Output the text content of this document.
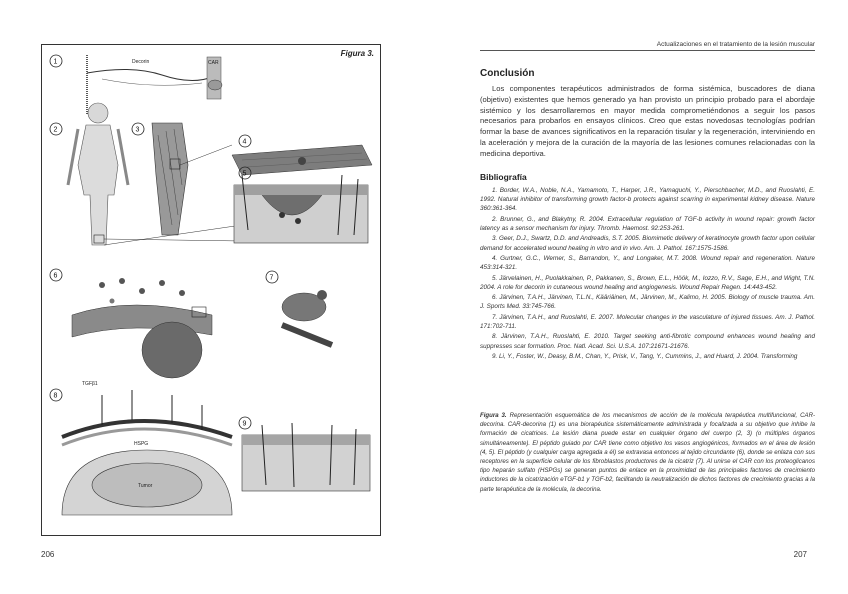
Figura 3.
1	Decorin	CAR
2	3
4
5
6	7
8
TGFβ1
Tumor
HSPG
9
206
Actualizaciones en el tratamiento de la lesión muscular
Conclusión

Los componentes terapéuticos administrados de forma sistémica, buscadores de diana (objetivo) existentes que hemos generado ya han provisto un principio probado para el abordaje sistémico y los desarrollaremos en mayor medida comprometiéndonos a seguir los pasos necesarios para probarlos en ensayos clínicos. Creo que estas novedosas tecnologías podrían formar la base de avances significativos en la reparación tisular y la regeneración, interviniendo en la aceleración y mejora de la curación de la mayoría de las lesiones comunes relacionadas con la medicina deportiva.

Bibliografía

1. Border, W.A., Noble, N.A., Yamamoto, T., Harper, J.R., Yamaguchi, Y., Pierschbacher, M.D., and Ruoslahti, E. 1992. Natural inhibitor of transforming growth factor-b protects against scarring in experimental kidney disease. Nature 360:361-364.

2. Brunner, G., and Blakytny, R. 2004. Extracellular regulation of TGF-b activity in wound repair: growth factor latency as a sensor mechanism for injury. Thromb. Haemost. 92:253-261.

3. Geer, D.J., Swartz, D.D. and Andreadis, S.T. 2005. Biomimetic delivery of keratinocyte growth factor upon cellular demand for accelerated wound healing in vitro and in vivo. Am. J. Pathol. 167:1575-1586.

4. Gurtner, G.C., Werner, S., Barrandon, Y., and Longaker, M.T. 2008. Wound repair and regeneration. Nature 453:314-321.

5. Järvelainen, H., Puolakkainen, P., Pakkanen, S., Brown, E.L., Höök, M., Iozzo, R.V., Sage, E.H., and Wight, T.N. 2004. A role for decorin in cutaneous wound healing and angiogenesis. Wound Repair Regen. 14:443-452.

6. Järvinen, T.A.H., Järvinen, T.L.N., Kääriäinen, M., Järvinen, M., Kalimo, H. 2005. Biology of muscle trauma. Am. J. Sports Med. 33:745-766.

7. Järvinen, T.A.H., and Ruoslahti, E. 2007. Molecular changes in the vasculature of injured tissues. Am. J. Pathol. 171:702-711.

8. Järvinen, T.A.H., Ruoslahti, E. 2010. Target seeking anti-fibrotic compound enhances wound healing and suppresses scar formation. Proc. Natl. Acad. Sci. U.S.A. 107:21671-21676.

9. Li, Y., Foster, W., Deasy, B.M., Chan, Y., Prisk, V., Tang, Y., Cummins, J., and Huard, J. 2004. Transforming

Figura 3. Representación esquemática de los mecanismos de acción de la molécula terapéutica multifuncional, CAR-decorina. CAR-decorina (1) es una biorapéutica sistemáticamente administrada y focalizada a su objetivo que inhibe la formación de cicatrices. La lesión diana puede estar en cualquier órgano del cuerpo (2, 3) (o múltiples órganos simultáneamente). El péptido guiado por CAR tiene como objetivo los vasos angiogénicos, formados en el área de lesión (4, 5). El péptido (y cualquier carga agregada a él) se extravasa entonces al tejido circundante (6), donde se enlaza con sus receptores en la superficie celular de los fibroblastos productores de la cicatriz (7). Al unirse el CAR con los proteoglicanos tipo heparán sulfato (HSPGs) se generan puntos de enlace en la proximidad de las principales factores de crecimiento inductores de la cicatrización eTGF-b1 y TGF-b2, facilitando la neutralización de dichos factores de crecimiento gracias a la parte terapéutica de la molécula, la decorina.
207
